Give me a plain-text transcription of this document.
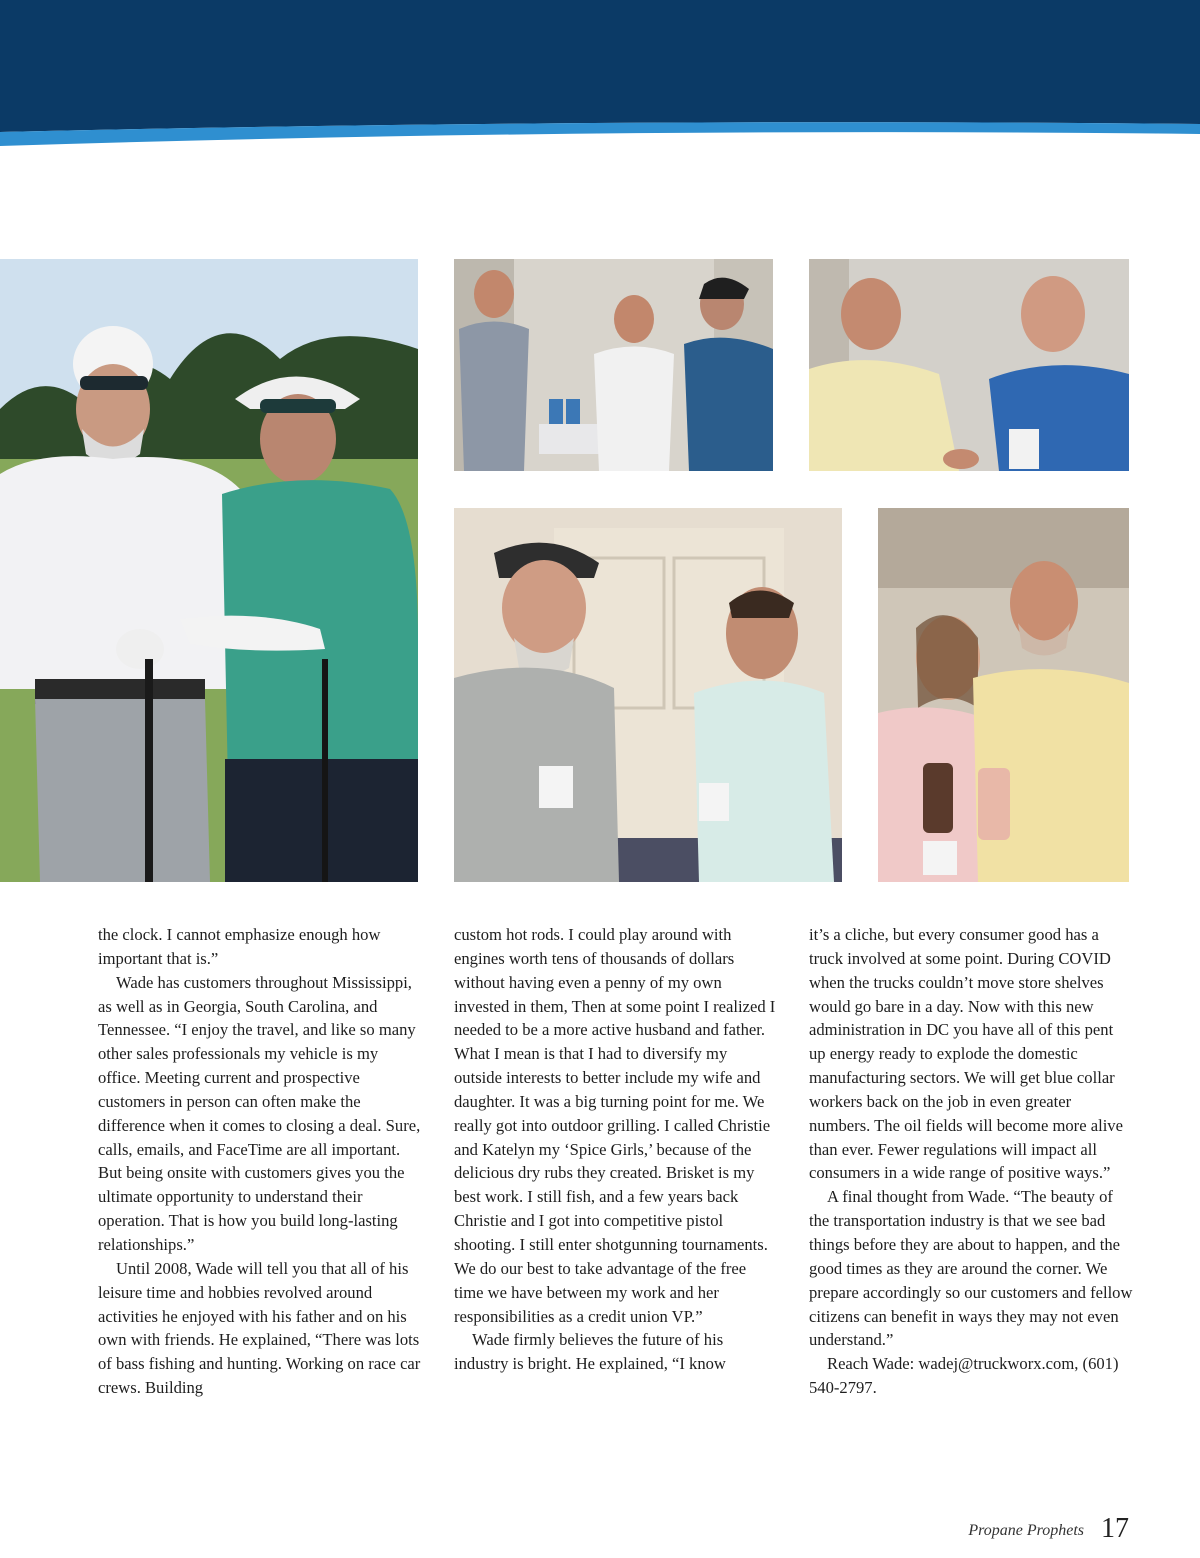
the clock. I cannot emphasize enough how important that is.”

Wade has customers throughout Mississippi, as well as in Georgia, South Carolina, and Tennessee. “I enjoy the travel, and like so many other sales professionals my vehicle is my office. Meeting current and prospective customers in person can often make the difference when it comes to closing a deal. Sure, calls, emails, and FaceTime are all important. But being onsite with customers gives you the ultimate opportunity to understand their operation. That is how you build long-lasting relationships.”

Until 2008, Wade will tell you that all of his leisure time and hobbies revolved around activities he enjoyed with his father and on his own with friends. He explained, “There was lots of bass fishing and hunting. Working on race car crews. Building

custom hot rods. I could play around with engines worth tens of thousands of dollars without having even a penny of my own invested in them, Then at some point I realized I needed to be a more active husband and father. What I mean is that I had to diversify my outside interests to better include my wife and daughter. It was a big turning point for me. We really got into outdoor grilling. I called Christie and Katelyn my ‘Spice Girls,’ because of the delicious dry rubs they created. Brisket is my best work. I still fish, and a few years back Christie and I got into competitive pistol shooting. I still enter shotgunning tournaments. We do our best to take advantage of the free time we have between my work and her responsibilities as a credit union VP.”

Wade firmly believes the future of his industry is bright. He explained, “I know

it’s a cliche, but every consumer good has a truck involved at some point. During COVID when the trucks couldn’t move store shelves would go bare in a day. Now with this new administration in DC you have all of this pent up energy ready to explode the domestic manufacturing sectors. We will get blue collar workers back on the job in even greater numbers. The oil fields will become more alive than ever. Fewer regulations will impact all consumers in a wide range of positive ways.”

A final thought from Wade. “The beauty of the transportation industry is that we see bad things before they are about to happen, and the good times as they are around the corner. We prepare accordingly so our customers and fellow citizens can benefit in ways they may not even understand.”

Reach Wade: wadej@truckworx.com, (601) 540-2797.

Propane Prophets 17
